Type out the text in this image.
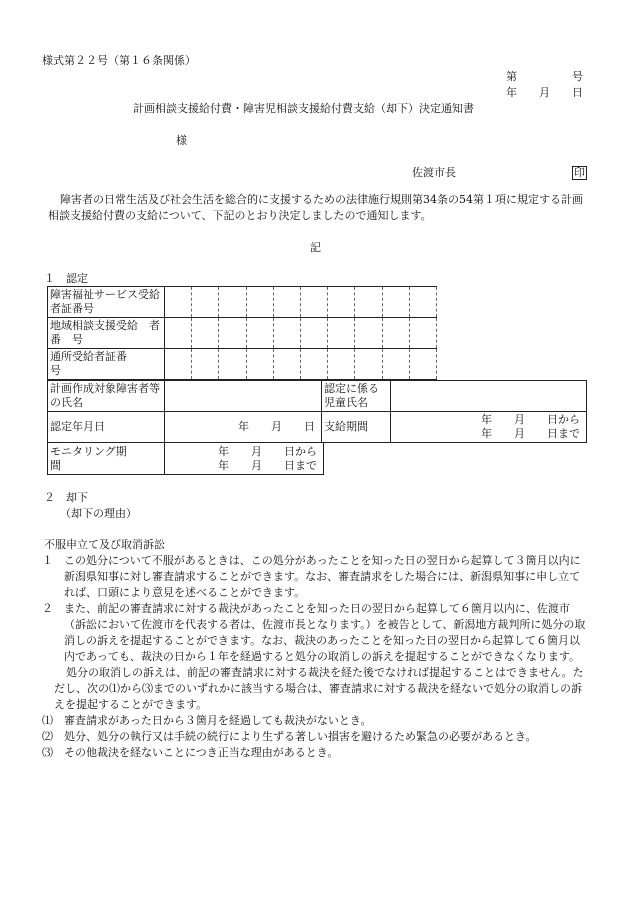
様式第２２号（第１６条関係）
第　　　　　号
年　　月　　日
計画相談支援給付費・障害児相談支援給付費支給（却下）決定通知書
様
佐渡市長	印
障害者の日常生活及び社会生活を総合的に支援するための法律施行規則第34条の54第１項に規定する計画相談支援給付費の支給について、下記のとおり決定しましたので通知します。
記
１　認定
障害福祉サービス受給者証番号										
地域相談支援受給　者　番　号										
通所受給者証番　　　　号										
計画作成対象障害者等の氏名		認定に係る児童氏名	
認定年月日	年　　月　　日	支給期間	年　　月　　日から
年　　月　　日まで
モニタリング期　　　　間	
年　　月　　日から
年　　月　　日まで
２　却下
（却下の理由）
不服申立て及び取消訴訟
１ この処分について不服があるときは、この処分があったことを知った日の翌日から起算して３箇月以内に新潟県知事に対し審査請求することができます。なお、審査請求をした場合には、新潟県知事に申し立てれば、口頭により意見を述べることができます。
２ また、前記の審査請求に対する裁決があったことを知った日の翌日から起算して６箇月以内に、佐渡市（訴訟において佐渡市を代表する者は、佐渡市長となります。）を被告として、新潟地方裁判所に処分の取消しの訴えを提起することができます。なお、裁決のあったことを知った日の翌日から起算して６箇月以内であっても、裁決の日から１年を経過すると処分の取消しの訴えを提起することができなくなります。
処分の取消しの訴えは、前記の審査請求に対する裁決を経た後でなければ提起することはできません。ただし、次の⑴から⑶までのいずれかに該当する場合は、審査請求に対する裁決を経ないで処分の取消しの訴えを提起することができます。
⑴ 審査請求があった日から３箇月を経過しても裁決がないとき。
⑵ 処分、処分の執行又は手続の続行により生ずる著しい損害を避けるため緊急の必要があるとき。
⑶ その他裁決を経ないことにつき正当な理由があるとき。
